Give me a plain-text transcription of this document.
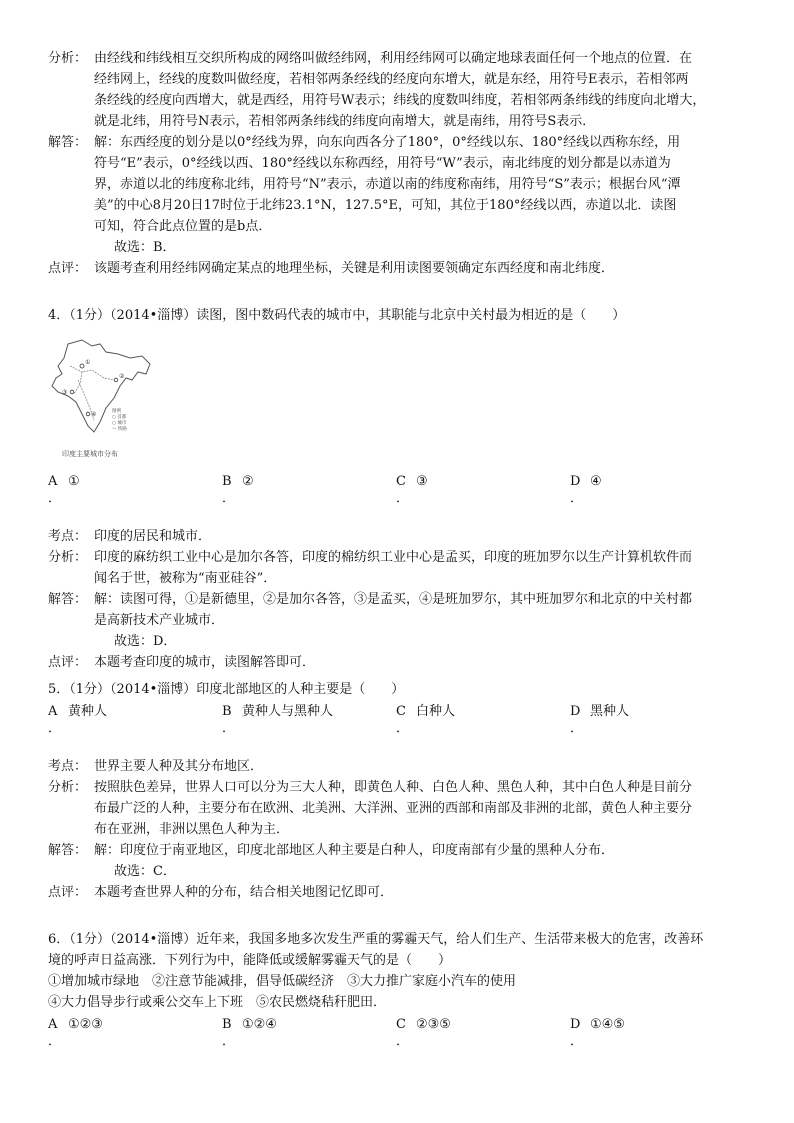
分析： 由经线和纬线相互交织所构成的网络叫做经纬网，利用经纬网可以确定地球表面任何一个地点的位置．在
经纬网上，经线的度数叫做经度，若相邻两条经线的经度向东增大，就是东经，用符号E表示，若相邻两
条经线的经度向西增大，就是西经，用符号W表示；纬线的度数叫纬度，若相邻两条纬线的纬度向北增大，
就是北纬，用符号N表示，若相邻两条纬线的纬度向南增大，就是南纬，用符号S表示．
解答： 解：东西经度的划分是以0°经线为界，向东向西各分了180°，0°经线以东、180°经线以西称东经，用
符号“E”表示，0°经线以西、180°经线以东称西经，用符号“W”表示，南北纬度的划分都是以赤道为
界，赤道以北的纬度称北纬，用符号“N”表示，赤道以南的纬度称南纬，用符号“S”表示；根据台风“潭
美”的中心8月20日17时位于北纬23.1°N，127.5°E，可知，其位于180°经线以西，赤道以北．读图
可知，符合此点位置的是b点．
故选：B．
点评： 该题考查利用经纬网确定某点的地理坐标，关键是利用读图要领确定东西经度和南北纬度．
4．（1分）（2014•淄博）读图，图中数码代表的城市中，其职能与北京中关村最为相近的是（　　）
①
②
③
④	图例
○ 首都
○ 城市
〜 铁路
印度主要城市分布
A ①
．
B ②
．
C ③
．
D ④
．
考点： 印度的居民和城市．
分析： 印度的麻纺织工业中心是加尔各答，印度的棉纺织工业中心是孟买，印度的班加罗尔以生产计算机软件而
闻名于世，被称为“南亚硅谷”．
解答： 解：读图可得，①是新德里，②是加尔各答，③是孟买，④是班加罗尔，其中班加罗尔和北京的中关村都
是高新技术产业城市．
故选：D．
点评： 本题考查印度的城市，读图解答即可．
5．（1分）（2014•淄博）印度北部地区的人种主要是（　　）
A 黄种人
．
B 黄种人与黑种人
．
C 白种人
．
D 黑种人
．
考点： 世界主要人种及其分布地区．
分析： 按照肤色差异，世界人口可以分为三大人种，即黄色人种、白色人种、黑色人种，其中白色人种是目前分
布最广泛的人种，主要分布在欧洲、北美洲、大洋洲、亚洲的西部和南部及非洲的北部，黄色人种主要分
布在亚洲，非洲以黑色人种为主．
解答： 解：印度位于南亚地区，印度北部地区人种主要是白种人，印度南部有少量的黑种人分布．
故选：C．
点评： 本题考查世界人种的分布，结合相关地图记忆即可．
6．（1分）（2014•淄博）近年来，我国多地多次发生严重的雾霾天气，给人们生产、生活带来极大的危害，改善环
境的呼声日益高涨．下列行为中，能降低或缓解雾霾天气的是（　　）
①增加城市绿地　②注意节能减排，倡导低碳经济　③大力推广家庭小汽车的使用
④大力倡导步行或乘公交车上下班　⑤农民燃烧秸秆肥田．
A ①②③
．
B ①②④
．
C ②③⑤
．
D ①④⑤
．
